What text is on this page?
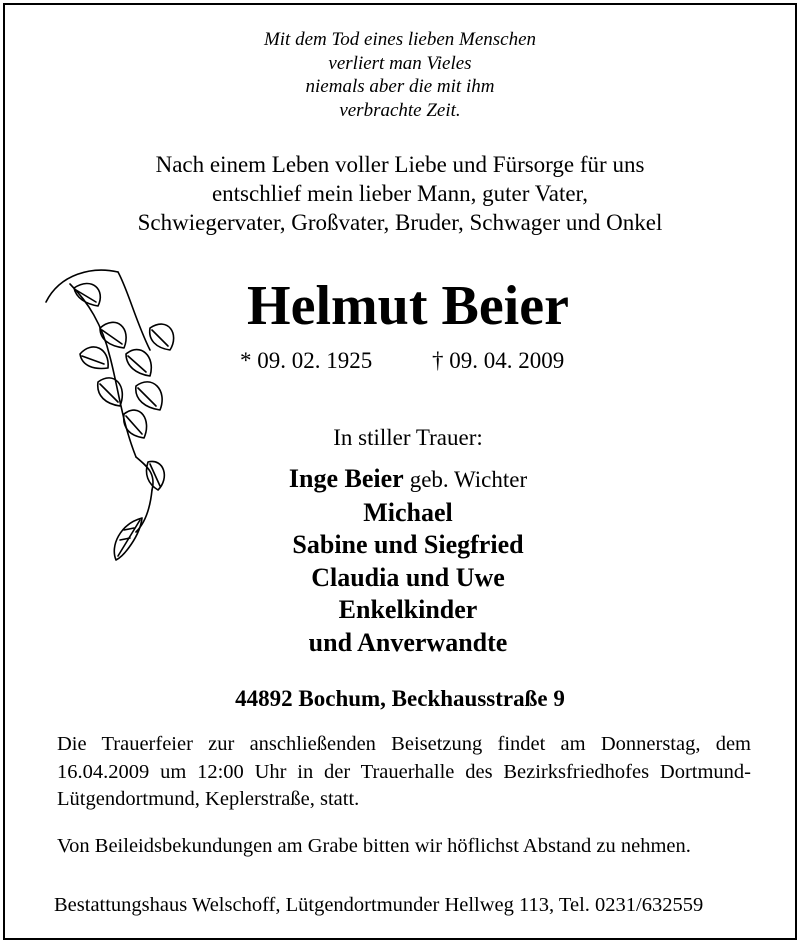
Mit dem Tod eines lieben Menschen
verliert man Vieles
niemals aber die mit ihm
verbrachte Zeit.
Nach einem Leben voller Liebe und Fürsorge für uns
entschlief mein lieber Mann, guter Vater,
Schwiegervater, Großvater, Bruder, Schwager und Onkel
Helmut Beier
* 09. 02. 1925	† 09. 04. 2009
In stiller Trauer:
Inge Beier geb. Wichter
Michael
Sabine und Siegfried
Claudia und Uwe
Enkelkinder
und Anverwandte
44892 Bochum, Beckhausstraße 9
Die Trauerfeier zur anschließenden Beisetzung findet am Donnerstag, dem
16.04.2009 um 12:00 Uhr in der Trauerhalle des Bezirksfriedhofes Dortmund-
Lütgendortmund, Keplerstraße, statt.
Von Beileidsbekundungen am Grabe bitten wir höflichst Abstand zu nehmen.
Bestattungshaus Welschoff, Lütgendortmunder Hellweg 113, Tel. 0231/632559
